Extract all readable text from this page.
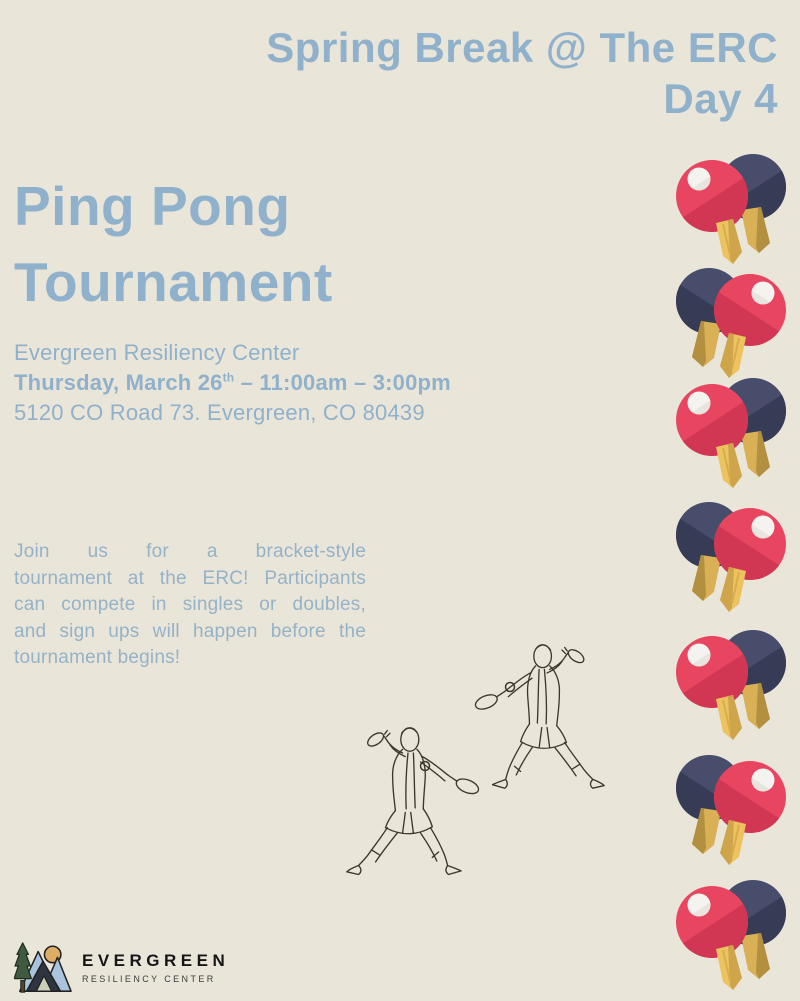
Spring Break @ The ERC
Day 4
Ping Pong
Tournament
Evergreen Resiliency Center
Thursday, March 26th – 11:00am – 3:00pm
5120 CO Road 73. Evergreen, CO 80439
Join us for a bracket-style
tournament at the ERC! Participants
can compete in singles or doubles,
and sign ups will happen before the
tournament begins!
EVERGREEN
RESILIENCY CENTER
